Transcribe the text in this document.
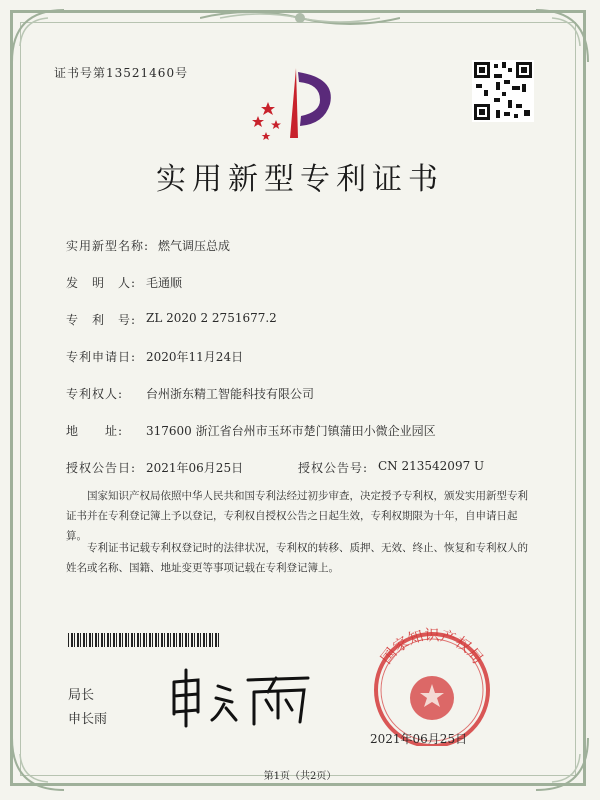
证书号第13521460号
实用新型专利证书
实用新型名称: 燃气调压总成
发　明　人: 毛通顺
专　利　号: ZL 2020 2 2751677.2
专利申请日: 2020年11月24日
专利权人: 台州浙东精工智能科技有限公司
地　　址: 317600 浙江省台州市玉环市楚门镇蒲田小微企业园区
授权公告日: 2021年06月25日	授权公告号: CN 213542097 U
国家知识产权局依照中华人民共和国专利法经过初步审查，决定授予专利权，颁发实用新型专利证书并在专利登记簿上予以登记，专利权自授权公告之日起生效，专利权期限为十年，自申请日起算。
专利证书记载专利权登记时的法律状况，专利权的转移、质押、无效、终止、恢复和专利权人的姓名或名称、国籍、地址变更等事项记载在专利登记簿上。
局长
申长雨
国家知识产权局
2021年06月25日
第1页（共2页）
